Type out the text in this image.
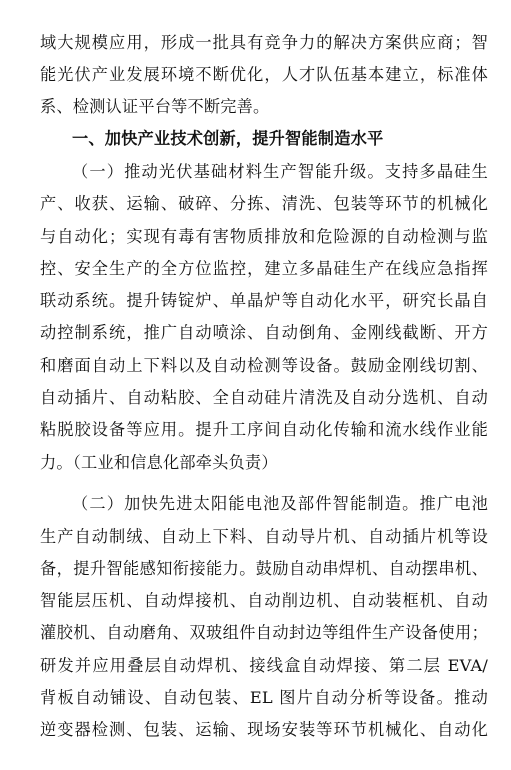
域大规模应用，形成一批具有竞争力的解决方案供应商；智
能光伏产业发展环境不断优化，人才队伍基本建立，标准体
系、检测认证平台等不断完善。
一、加快产业技术创新，提升智能制造水平
（一）推动光伏基础材料生产智能升级。支持多晶硅生
产、收获、运输、破碎、分拣、清洗、包装等环节的机械化
与自动化；实现有毒有害物质排放和危险源的自动检测与监
控、安全生产的全方位监控，建立多晶硅生产在线应急指挥
联动系统。提升铸锭炉、单晶炉等自动化水平，研究长晶自
动控制系统，推广自动喷涂、自动倒角、金刚线截断、开方
和磨面自动上下料以及自动检测等设备。鼓励金刚线切割、
自动插片、自动粘胶、全自动硅片清洗及自动分选机、自动
粘脱胶设备等应用。提升工序间自动化传输和流水线作业能
力。（工业和信息化部牵头负责）
（二）加快先进太阳能电池及部件智能制造。推广电池
生产自动制绒、自动上下料、自动导片机、自动插片机等设
备，提升智能感知衔接能力。鼓励自动串焊机、自动摆串机、
智能层压机、自动焊接机、自动削边机、自动装框机、自动
灌胶机、自动磨角、双玻组件自动封边等组件生产设备使用；
研发并应用叠层自动焊机、接线盒自动焊接、第二层 EVA/
背板自动铺设、自动包装、EL 图片自动分析等设备。推动
逆变器检测、包装、运输、现场安装等环节机械化、自动化
